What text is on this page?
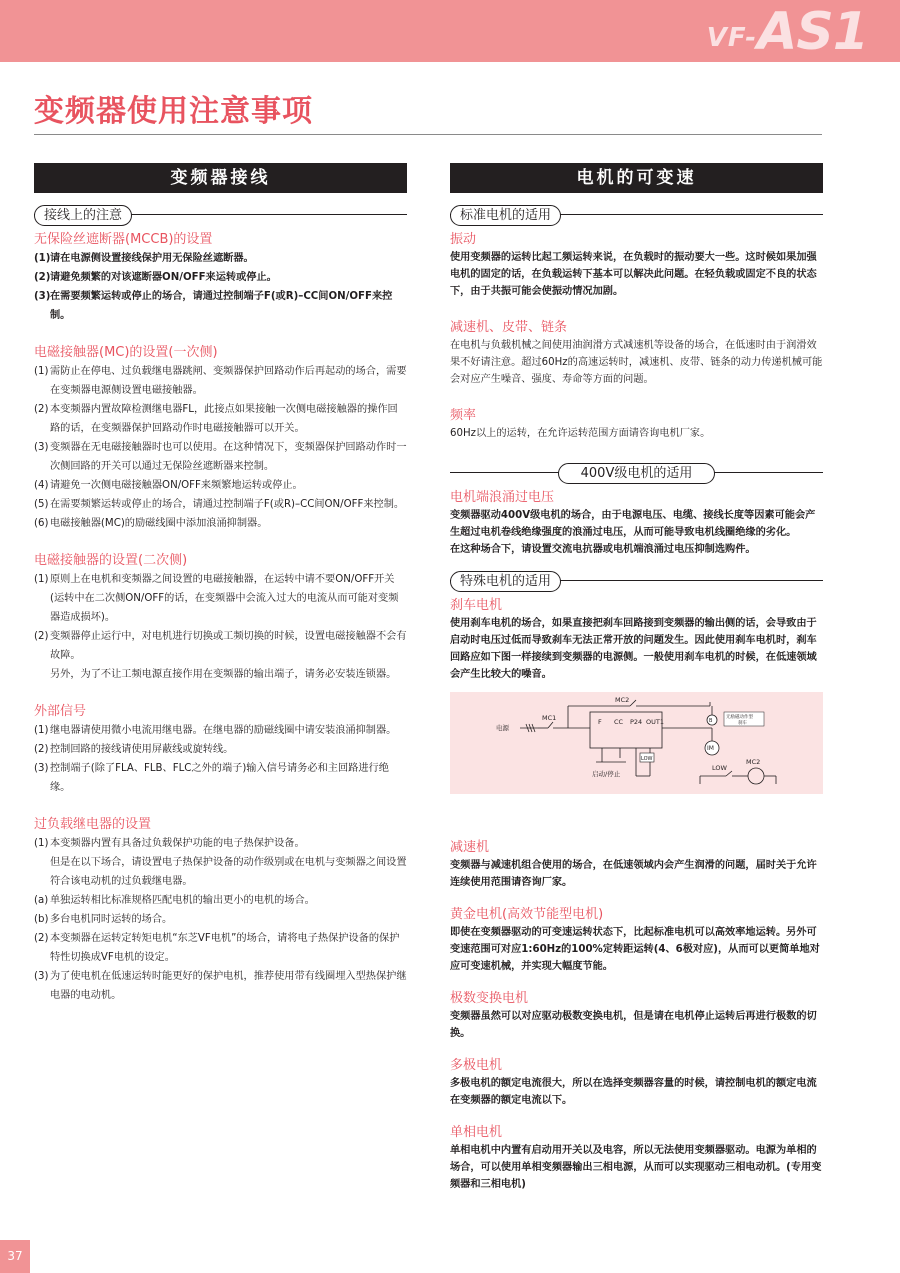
VF-AS1
变频器使用注意事项
变频器接线
接线上的注意
无保险丝遮断器(MCCB)的设置
(1)请在电源侧设置接线保护用无保险丝遮断器。
(2)请避免频繁的对该遮断器ON/OFF来运转或停止。
(3)在需要频繁运转或停止的场合，请通过控制端子F(或R)–CC间ON/OFF来控制。
电磁接触器(MC)的设置(一次侧)
(1) 需防止在停电、过负载继电器跳闸、变频器保护回路动作后再起动的场合，需要在变频器电源侧设置电磁接触器。
(2) 本变频器内置故障检测继电器FL，此接点如果接触一次侧电磁接触器的操作回路的话，在变频器保护回路动作时电磁接触器可以开关。
(3) 变频器在无电磁接触器时也可以使用。在这种情况下，变频器保护回路动作时一次侧回路的开关可以通过无保险丝遮断器来控制。
(4) 请避免一次侧电磁接触器ON/OFF来频繁地运转或停止。
(5) 在需要频繁运转或停止的场合，请通过控制端子F(或R)–CC间ON/OFF来控制。
(6) 电磁接触器(MC)的励磁线圈中添加浪涌抑制器。
电磁接触器的设置(二次侧)
(1) 原则上在电机和变频器之间设置的电磁接触器，在运转中请不要ON/OFF开关(运转中在二次侧ON/OFF的话，在变频器中会流入过大的电流从而可能对变频器造成损坏)。
(2) 变频器停止运行中，对电机进行切换或工频切换的时候，设置电磁接触器不会有故障。
另外，为了不让工频电源直接作用在变频器的输出端子，请务必安装连锁器。
外部信号
(1) 继电器请使用微小电流用继电器。在继电器的励磁线圈中请安装浪涌抑制器。
(2) 控制回路的接线请使用屏蔽线或旋转线。
(3) 控制端子(除了FLA、FLB、FLC之外的端子)输入信号请务必和主回路进行绝缘。
过负载继电器的设置
(1) 本变频器内置有具备过负载保护功能的电子热保护设备。
但是在以下场合，请设置电子热保护设备的动作级别或在电机与变频器之间设置符合该电动机的过负载继电器。
(a) 单独运转相比标准规格匹配电机的输出更小的电机的场合。
(b) 多台电机同时运转的场合。
(2) 本变频器在运转定转矩电机“东芝VF电机”的场合，请将电子热保护设备的保护特性切换成VF电机的设定。
(3) 为了使电机在低速运转时能更好的保护电机，推荐使用带有线圈埋入型热保护继电器的电动机。
电机的可变速
标准电机的适用
振动

使用变频器的运转比起工频运转来说，在负载时的振动要大一些。这时候如果加强电机的固定的话，在负载运转下基本可以解决此问题。在轻负载或固定不良的状态下，由于共振可能会使振动情况加剧。

减速机、皮带、链条

在电机与负载机械之间使用油润滑方式减速机等设备的场合，在低速时由于润滑效果不好请注意。超过60Hz的高速运转时，减速机、皮带、链条的动力传递机械可能会对应产生噪音、强度、寿命等方面的问题。

频率

60Hz以上的运转，在允许运转范围方面请咨询电机厂家。

400V级电机的适用
电机端浪涌过电压

变频器驱动400V级电机的场合，由于电源电压、电缆、接线长度等因素可能会产生超过电机卷线绝缘强度的浪涌过电压，从而可能导致电机线圈绝缘的劣化。

在这种场合下，请设置交流电抗器或电机端浪涌过电压抑制选购件。

特殊电机的适用
刹车电机

使用刹车电机的场合，如果直接把刹车回路接到变频器的输出侧的话，会导致由于启动时电压过低而导致刹车无法正常开放的问题发生。因此使用刹车电机时，刹车回路应如下图一样接续到变频器的电源侧。一般使用刹车电机的时候，在低速领域会产生比较大的噪音。

MC2
MC1
电源
F CC P24 OUT1
LOW
启动/停止
B
无励磁动作型
刹车
IM
LOW
MC2
减速机

变频器与减速机组合使用的场合，在低速领域内会产生润滑的问题，届时关于允许连续使用范围请咨询厂家。

黄金电机(高效节能型电机)

即使在变频器驱动的可变速运转状态下，比起标准电机可以高效率地运转。另外可变速范围可对应1:60Hz的100%定转距运转(4、6极对应)，从而可以更简单地对应可变速机械，并实现大幅度节能。

极数变换电机

变频器虽然可以对应驱动极数变换电机，但是请在电机停止运转后再进行极数的切换。

多极电机

多极电机的额定电流很大，所以在选择变频器容量的时候，请控制电机的额定电流在变频器的额定电流以下。

单相电机

单相电机中内置有启动用开关以及电容，所以无法使用变频器驱动。电源为单相的场合，可以使用单相变频器输出三相电源，从而可以实现驱动三相电动机。(专用变频器和三相电机)

37
